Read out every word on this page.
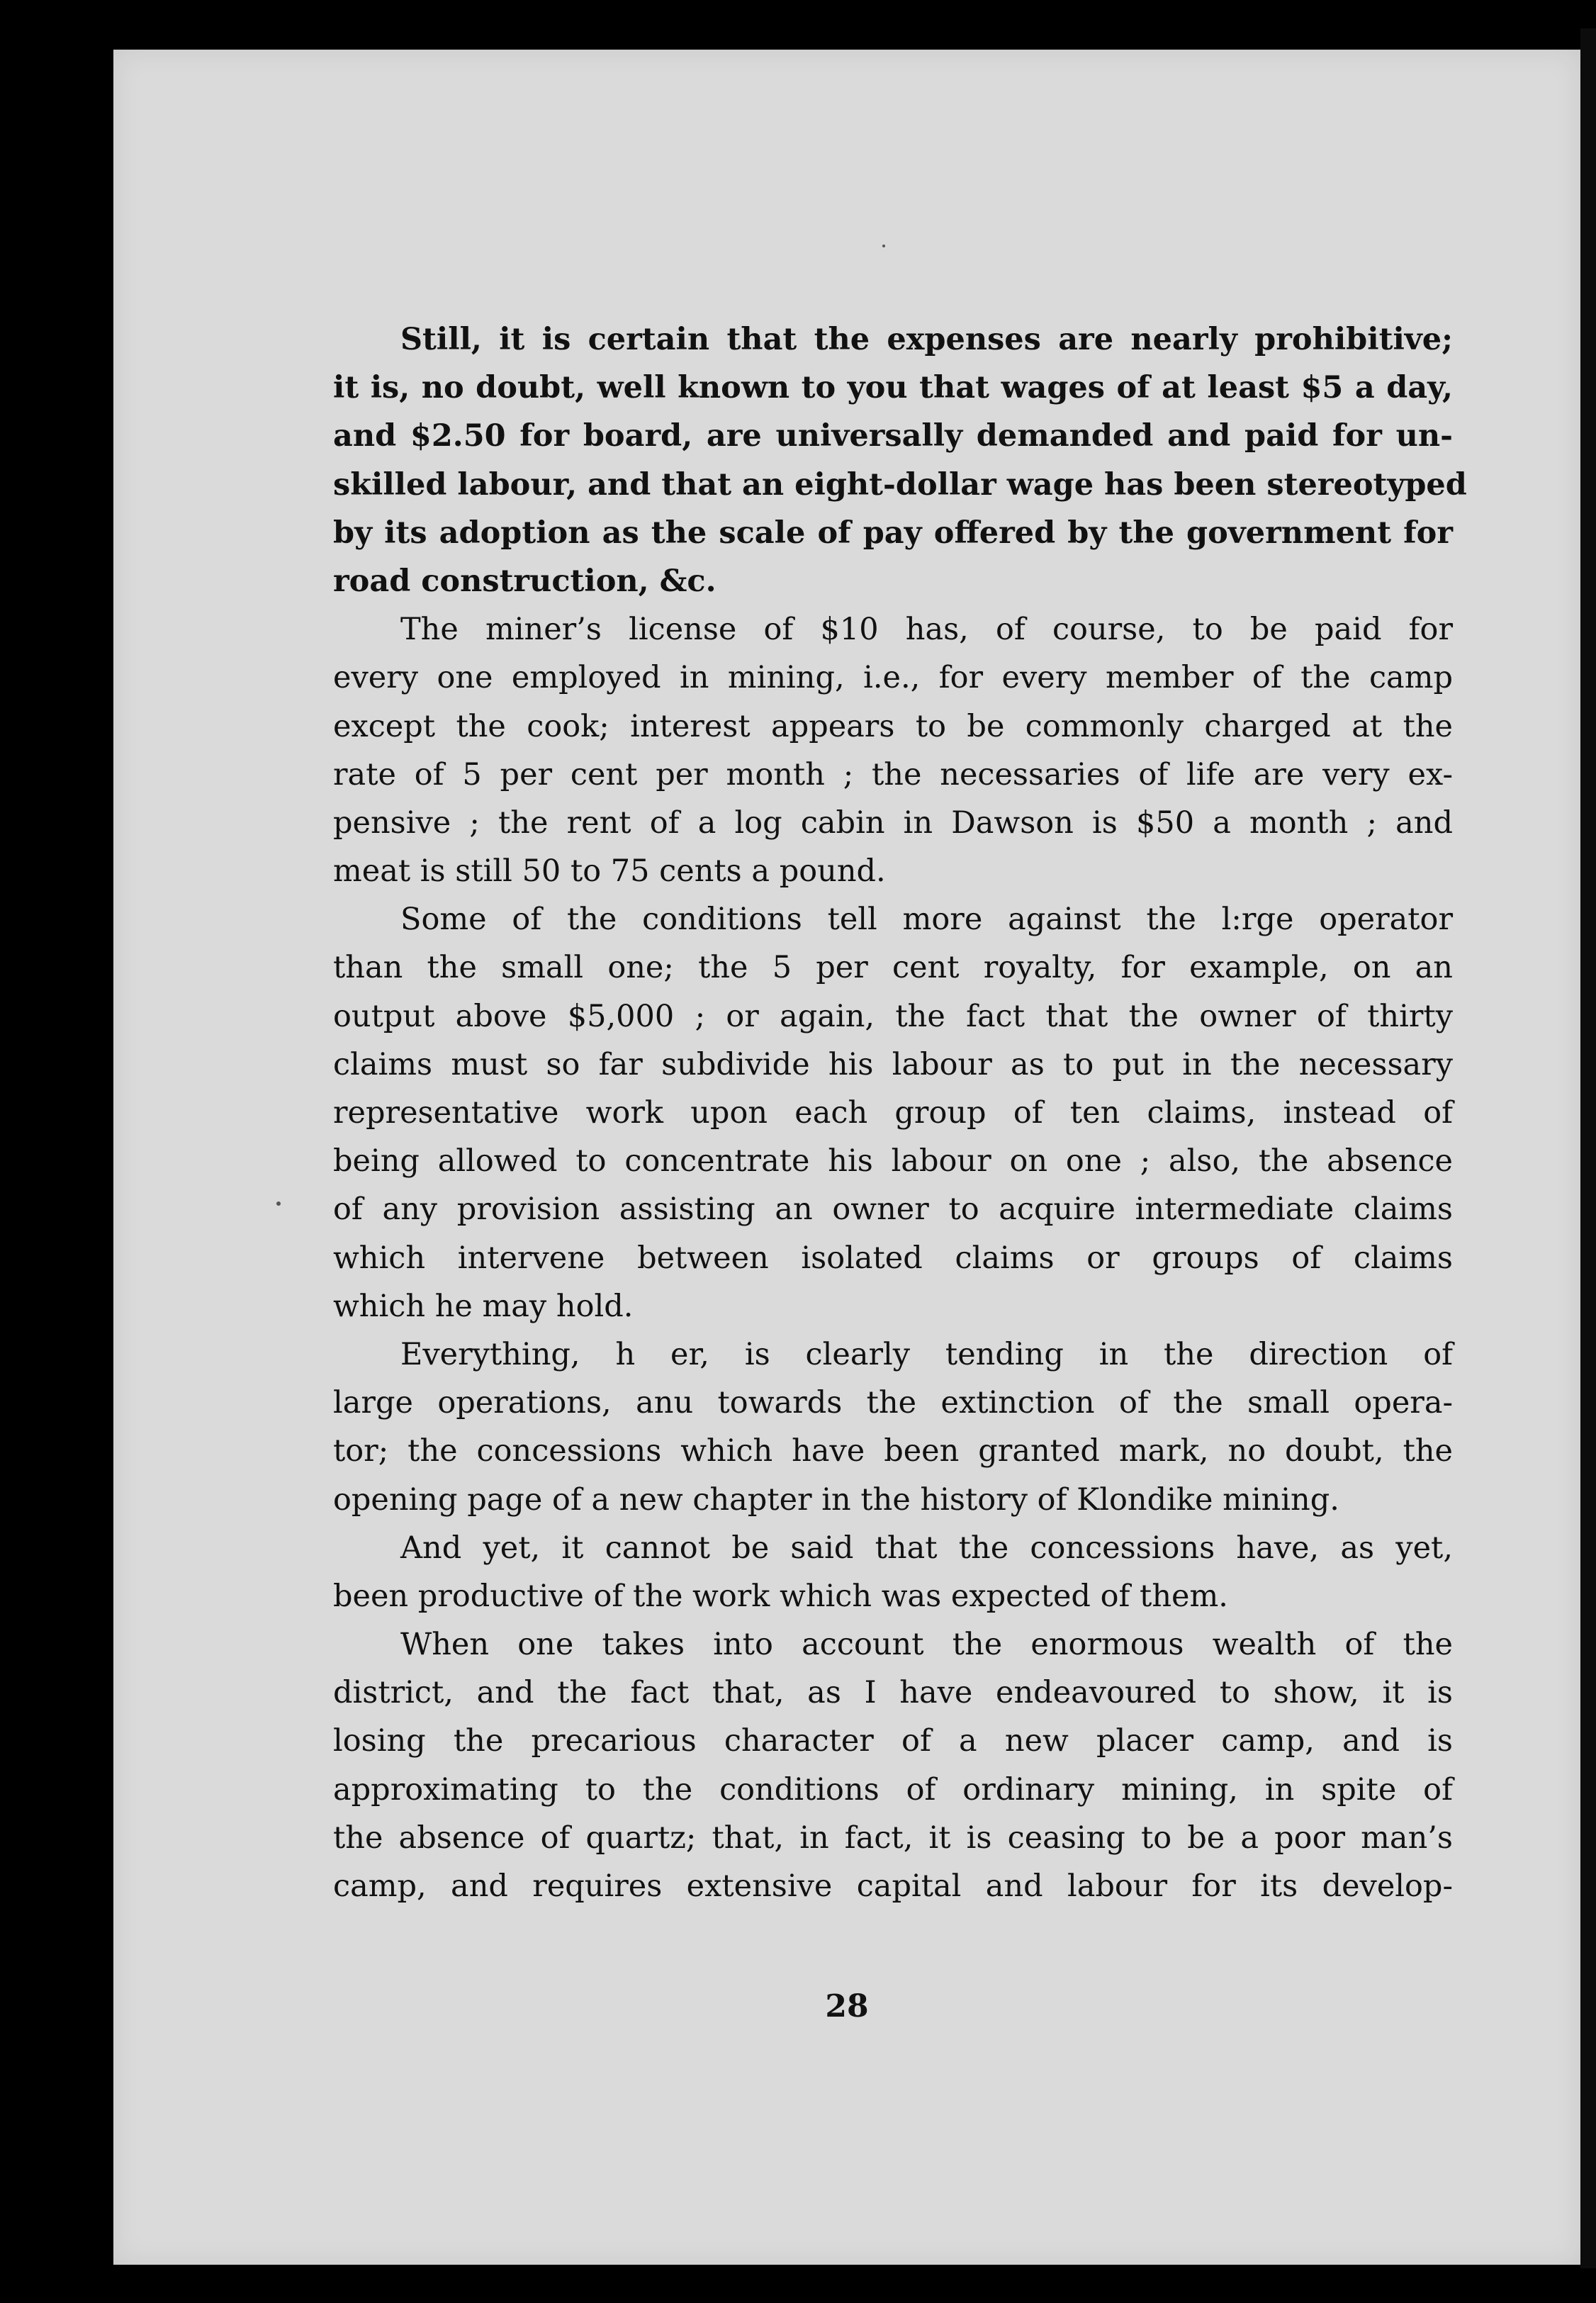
Still, it is certain that the expenses are nearly prohibitive;
it is, no doubt, well known to you that wages of at least $5 a day,
and $2.50 for board, are universally demanded and paid for un-
skilled labour, and that an eight-dollar wage has been stereotyped
by its adoption as the scale of pay offered by the government for
road construction, &c.
The miner’s license of $10 has, of course, to be paid for
every one employed in mining, i.e., for every member of the camp
except the cook; interest appears to be commonly charged at the
rate of 5 per cent per month ; the necessaries of life are very ex-
pensive ; the rent of a log cabin in Dawson is $50 a month ; and
meat is still 50 to 75 cents a pound.
Some of the conditions tell more against the l:rge operator
than the small one; the 5 per cent royalty, for example, on an
output above $5,000 ; or again, the fact that the owner of thirty
claims must so far subdivide his labour as to put in the necessary
representative work upon each group of ten claims, instead of
being allowed to concentrate his labour on one ; also, the absence
of any provision assisting an owner to acquire intermediate claims
which intervene between isolated claims or groups of claims
which he may hold.
Everything, h er, is clearly tending in the direction of
large operations, anu towards the extinction of the small opera-
tor; the concessions which have been granted mark, no doubt, the
opening page of a new chapter in the history of Klondike mining.
And yet, it cannot be said that the concessions have, as yet,
been productive of the work which was expected of them.
When one takes into account the enormous wealth of the
district, and the fact that, as I have endeavoured to show, it is
losing the precarious character of a new placer camp, and is
approximating to the conditions of ordinary mining, in spite of
the absence of quartz; that, in fact, it is ceasing to be a poor man’s
camp, and requires extensive capital and labour for its develop-
28
